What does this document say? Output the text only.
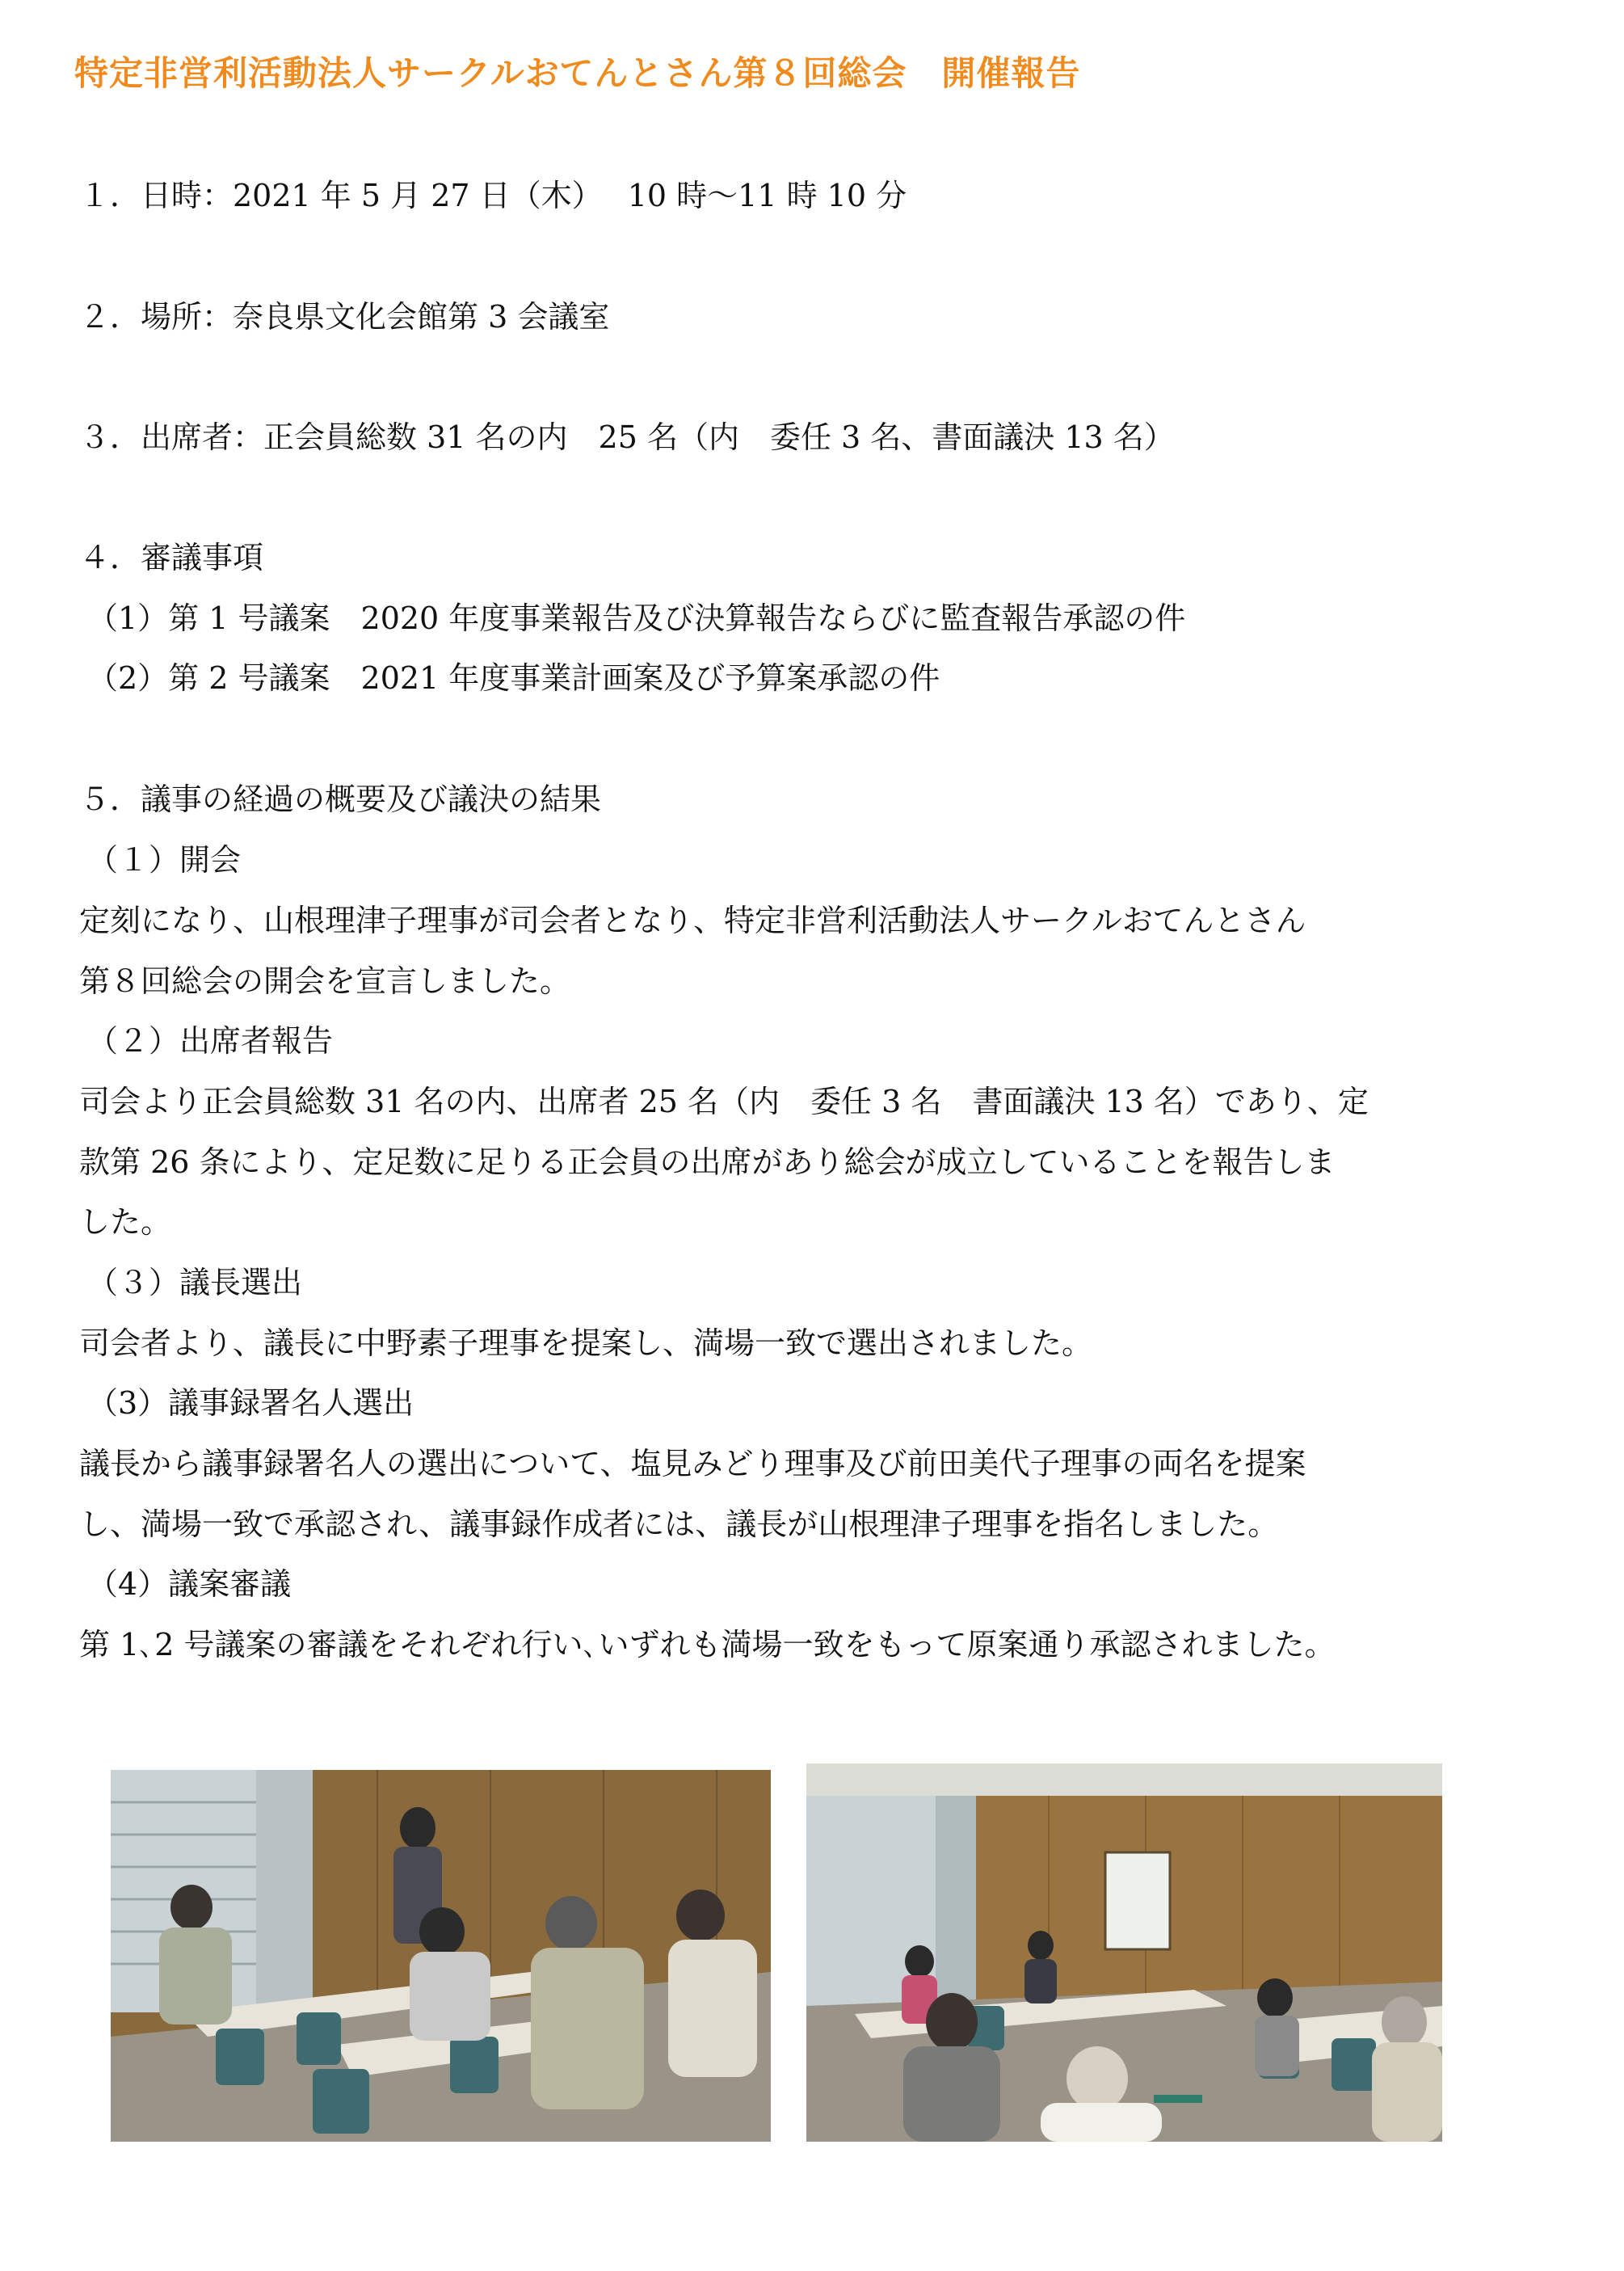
特定非営利活動法人サークルおてんとさん第８回総会　開催報告
１．日時：2021 年 5 月 27 日（木）　 10 時～11 時 10 分
２．場所：奈良県文化会館第 3 会議室
３．出席者：正会員総数 31 名の内　25 名（内　委任 3 名、書面議決 13 名）
４．審議事項
（1）第 1 号議案　2020 年度事業報告及び決算報告ならびに監査報告承認の件
（2）第 2 号議案　2021 年度事業計画案及び予算案承認の件
５．議事の経過の概要及び議決の結果
（１）開会
定刻になり、山根理津子理事が司会者となり、特定非営利活動法人サークルおてんとさん
第８回総会の開会を宣言しました。
（２）出席者報告
司会より正会員総数 31 名の内、出席者 25 名（内　委任 3 名　書面議決 13 名）であり、定
款第 26 条により、定足数に足りる正会員の出席があり総会が成立していることを報告しま
した。
（３）議長選出
司会者より、議長に中野素子理事を提案し、満場一致で選出されました。
（3）議事録署名人選出
議長から議事録署名人の選出について、塩見みどり理事及び前田美代子理事の両名を提案
し、満場一致で承認され、議事録作成者には、議長が山根理津子理事を指名しました。
（4）議案審議
第 1､2 号議案の審議をそれぞれ行い､いずれも満場一致をもって原案通り承認されました。
